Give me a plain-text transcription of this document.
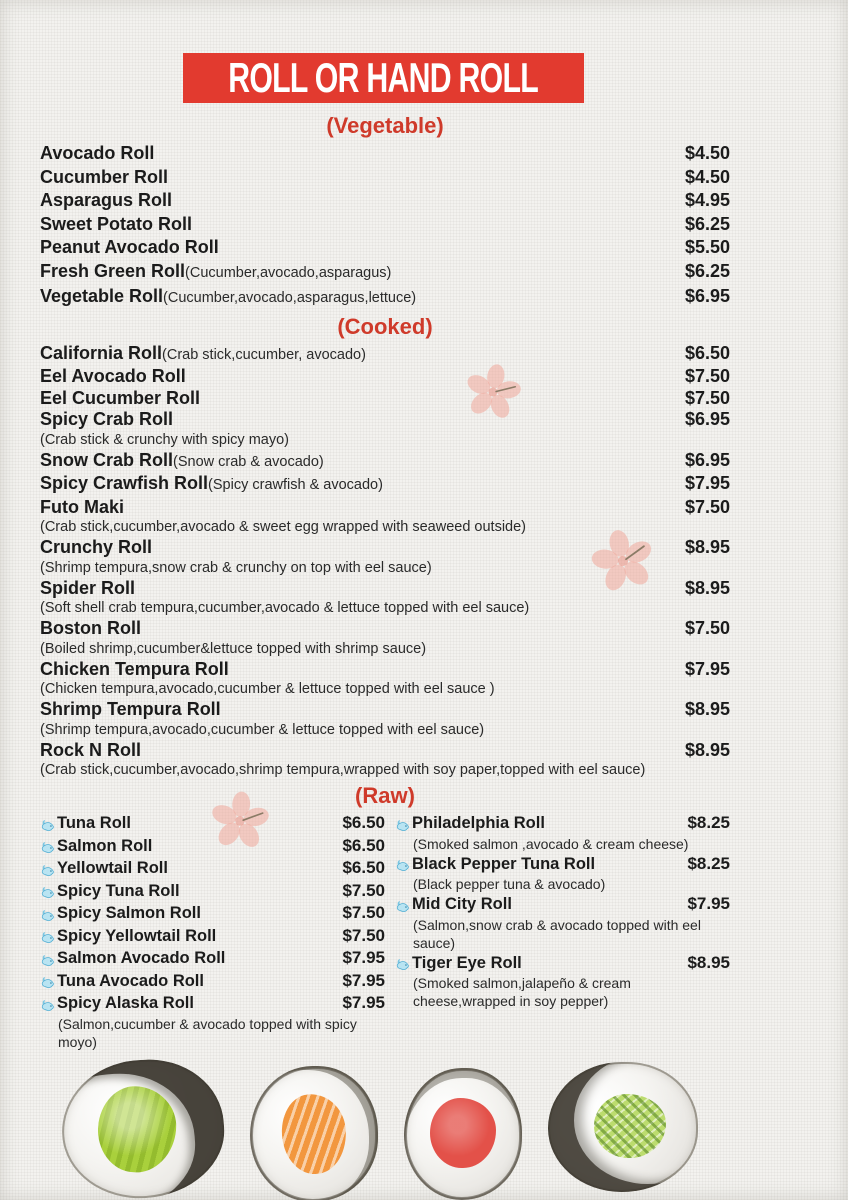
ROLL OR HAND ROLL
(Vegetable)
Avocado Roll	$4.50
Cucumber Roll	$4.50
Asparagus Roll	$4.95
Sweet Potato Roll	$6.25
Peanut Avocado Roll	$5.50
Fresh Green Roll (Cucumber,avocado,asparagus)	$6.25
Vegetable Roll (Cucumber,avocado,asparagus,lettuce)	$6.95
(Cooked)
California Roll (Crab stick,cucumber, avocado)	$6.50
Eel Avocado Roll	$7.50
Eel Cucumber Roll	$7.50
Spicy Crab Roll	$6.95
(Crab stick & crunchy with spicy mayo)
Snow Crab Roll (Snow crab & avocado)	$6.95
Spicy Crawfish Roll (Spicy crawfish & avocado)	$7.95
Futo Maki	$7.50
(Crab stick,cucumber,avocado & sweet egg wrapped with seaweed outside)
Crunchy Roll	$8.95
(Shrimp tempura,snow crab & crunchy on top with eel sauce)
Spider Roll	$8.95
(Soft shell crab tempura,cucumber,avocado & lettuce topped with eel sauce)
Boston Roll	$7.50
(Boiled shrimp,cucumber&lettuce topped with shrimp sauce)
Chicken Tempura Roll	$7.95
(Chicken tempura,avocado,cucumber & lettuce topped with eel sauce )
Shrimp Tempura Roll	$8.95
(Shrimp tempura,avocado,cucumber & lettuce topped with eel sauce)
Rock N Roll	$8.95
(Crab stick,cucumber,avocado,shrimp tempura,wrapped with soy paper,topped with eel sauce)
(Raw)
Tuna Roll	$6.50
Salmon Roll	$6.50
Yellowtail Roll	$6.50
Spicy Tuna Roll	$7.50
Spicy Salmon Roll	$7.50
Spicy Yellowtail Roll	$7.50
Salmon Avocado Roll	$7.95
Tuna Avocado Roll	$7.95
Spicy Alaska Roll	$7.95
(Salmon,cucumber & avocado topped with spicy moyo)
Philadelphia Roll	$8.25
(Smoked salmon ,avocado & cream cheese)
Black Pepper Tuna Roll	$8.25
(Black pepper tuna & avocado)
Mid City Roll	$7.95
(Salmon,snow crab & avocado topped with eel sauce)
Tiger Eye Roll	$8.95
(Smoked salmon,jalapeño & cream cheese,wrapped in soy pepper)
